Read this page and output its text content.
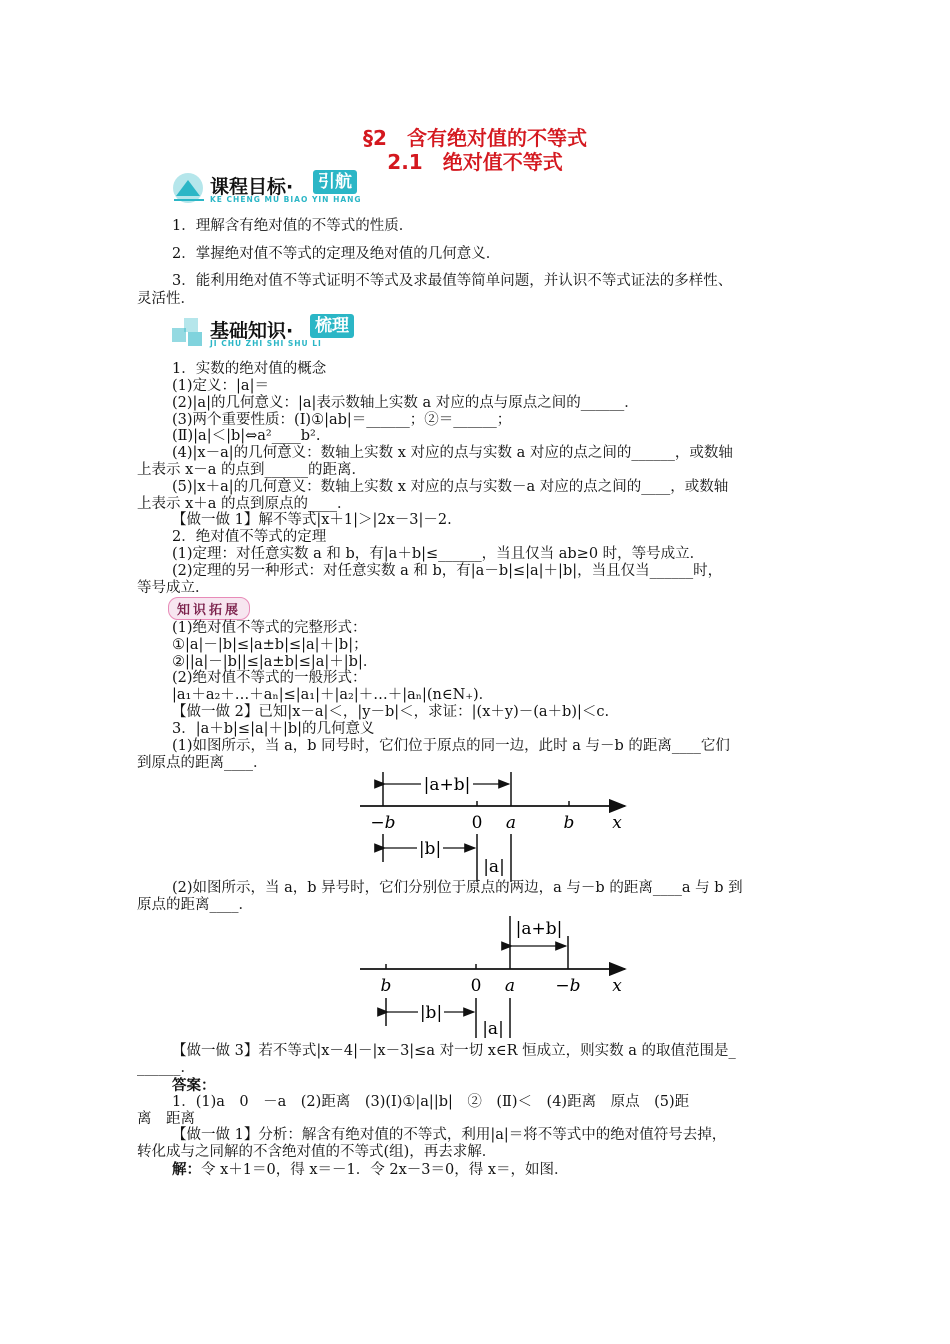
§2　含有绝对值的不等式
2.1　绝对值不等式
课程目标· 引航
KE CHENG MU BIAO YIN HANG
1．理解含有绝对值的不等式的性质．
2．掌握绝对值不等式的定理及绝对值的几何意义．
3．能利用绝对值不等式证明不等式及求最值等简单问题，并认识不等式证法的多样性、
灵活性．
基础知识· 梳理
JI CHU ZHI SHI SHU LI
1．实数的绝对值的概念
(1)定义：|a|＝
(2)|a|的几何意义：|a|表示数轴上实数 a 对应的点与原点之间的______．
(3)两个重要性质：(Ⅰ)①|ab|＝______；②＝______；
(Ⅱ)|a|＜|b|⇔a²____b².
(4)|x－a|的几何意义：数轴上实数 x 对应的点与实数 a 对应的点之间的______，或数轴
上表示 x－a 的点到______的距离．
(5)|x＋a|的几何意义：数轴上实数 x 对应的点与实数－a 对应的点之间的____，或数轴
上表示 x＋a 的点到原点的____．
【做一做 1】解不等式|x＋1|＞|2x－3|－2.
2．绝对值不等式的定理
(1)定理：对任意实数 a 和 b，有|a＋b|≤______，当且仅当 ab≥0 时，等号成立．
(2)定理的另一种形式：对任意实数 a 和 b，有|a－b|≤|a|＋|b|，当且仅当______时，
等号成立．
知识拓展
(1)绝对值不等式的完整形式：
①|a|－|b|≤|a±b|≤|a|＋|b|；
②||a|－|b||≤|a±b|≤|a|＋|b|．
(2)绝对值不等式的一般形式：
|a₁＋a₂＋…＋aₙ|≤|a₁|＋|a₂|＋…＋|aₙ|(n∈N₊)．
【做一做 2】已知|x－a|＜，|y－b|＜，求证：|(x＋y)－(a＋b)|＜c.
3．|a＋b|≤|a|＋|b|的几何意义
(1)如图所示，当 a，b 同号时，它们位于原点的同一边，此时 a 与－b 的距离____它们
到原点的距离____．
|a+b|
−b	0 a	b x
|b|
|a|
(2)如图所示，当 a，b 异号时，它们分别位于原点的两边，a 与－b 的距离____a 与 b 到
原点的距离____．
|a+b|
b	0 a −b x
|b|
|a|
【做一做 3】若不等式|x－4|－|x－3|≤a 对一切 x∈R 恒成立，则实数 a 的取值范围是_
______．
答案：
1．(1)a　0　－a　(2)距离　(3)(Ⅰ)①|a||b|　②　(Ⅱ)＜　(4)距离　原点　(5)距
离　距离
【做一做 1】分析：解含有绝对值的不等式，利用|a|＝将不等式中的绝对值符号去掉，
转化成与之同解的不含绝对值的不等式(组)，再去求解．
解：令 x＋1＝0，得 x＝－1．令 2x－3＝0，得 x＝，如图．
